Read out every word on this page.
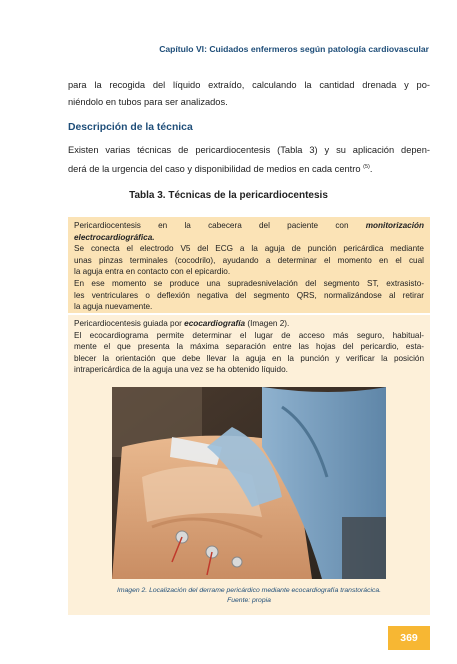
Capítulo VI: Cuidados enfermeros según patología cardiovascular
para la recogida del líquido extraído, calculando la cantidad drenada y po-
niéndolo en tubos para ser analizados.
Descripción de la técnica
Existen varias técnicas de pericardiocentesis (Tabla 3) y su aplicación depen-
derá de la urgencia del caso y disponibilidad de medios en cada centro $^{(5)}$.
Tabla 3. Técnicas de la pericardiocentesis
Pericardiocentesis en la cabecera del paciente con monitorización
electrocardiográfica.
Se conecta el electrodo V5 del ECG a la aguja de punción pericárdica mediante
unas pinzas terminales (cocodrilo), ayudando a determinar el momento en el cual
la aguja entra en contacto con el epicardio.
En ese momento se produce una supradesnivelación del segmento ST, extrasisto-
les ventriculares o deflexión negativa del segmento QRS, normalizándose al retirar
la aguja nuevamente.
Pericardiocentesis guiada por ecocardiografía (Imagen 2).
El ecocardiograma permite determinar el lugar de acceso más seguro, habitual-
mente el que presenta la máxima separación entre las hojas del pericardio, esta-
blecer la orientación que debe llevar la aguja en la punción y verificar la posición
intrapericárdica de la aguja una vez se ha obtenido líquido.
Imagen 2. Localización del derrame pericárdico mediante ecocardiografía transtorácica.
Fuente: propia
369
